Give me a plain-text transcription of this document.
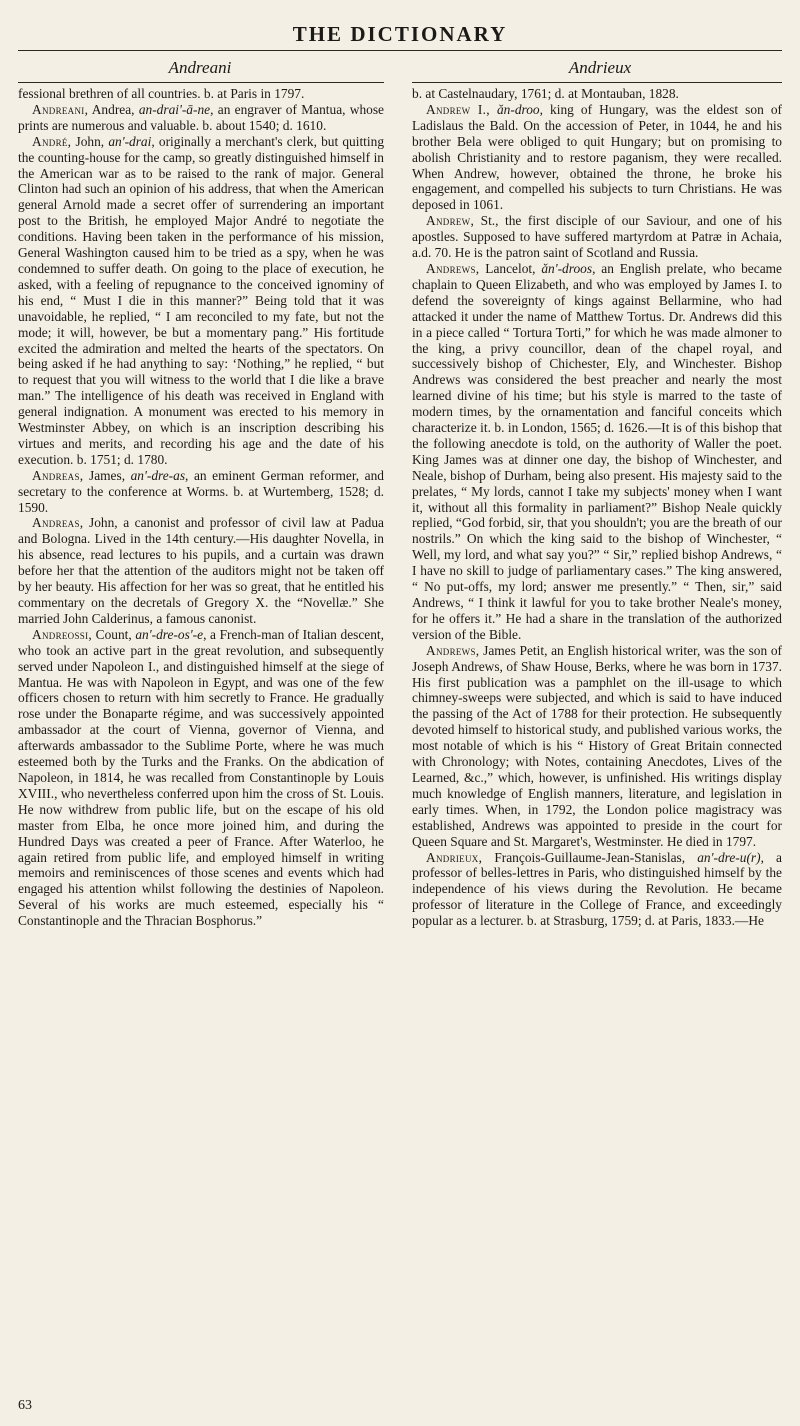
THE DICTIONARY
Andreani	Andrieux

fessional brethren of all countries. b. at Paris in 1797.

Andreani, Andrea, an-drai'-ā-ne, an engraver of Mantua, whose prints are numerous and valuable. b. about 1540; d. 1610.

André, John, an'-drai, originally a merchant's clerk, but quitting the counting-house for the camp, so greatly distinguished himself in the American war as to be raised to the rank of major. General Clinton had such an opinion of his address, that when the American general Arnold made a secret offer of surrendering an important post to the British, he employed Major André to negotiate the conditions. Having been taken in the performance of his mission, General Washington caused him to be tried as a spy, when he was condemned to suffer death. On going to the place of execution, he asked, with a feeling of repugnance to the conceived ignominy of his end, “ Must I die in this manner?” Being told that it was unavoidable, he replied, “ I am reconciled to my fate, but not the mode; it will, however, be but a momentary pang.” His fortitude excited the admiration and melted the hearts of the spectators. On being asked if he had anything to say: ‘Nothing,” he replied, “ but to request that you will witness to the world that I die like a brave man.” The intelligence of his death was received in England with general indignation. A monument was erected to his memory in Westminster Abbey, on which is an inscription describing his virtues and merits, and recording his age and the date of his execution. b. 1751; d. 1780.

Andreas, James, an'-dre-as, an eminent German reformer, and secretary to the conference at Worms. b. at Wurtemberg, 1528; d. 1590.

Andreas, John, a canonist and professor of civil law at Padua and Bologna. Lived in the 14th century.—His daughter Novella, in his absence, read lectures to his pupils, and a curtain was drawn before her that the attention of the auditors might not be taken off by her beauty. His affection for her was so great, that he entitled his commentary on the decretals of Gregory X. the “Novellæ.” She married John Calderinus, a famous canonist.

Andreossi, Count, an'-dre-os'-e, a French-man of Italian descent, who took an active part in the great revolution, and subsequently served under Napoleon I., and distinguished himself at the siege of Mantua. He was with Napoleon in Egypt, and was one of the few officers chosen to return with him secretly to France. He gradually rose under the Bonaparte régime, and was successively appointed ambassador at the court of Vienna, governor of Vienna, and afterwards ambassador to the Sublime Porte, where he was much esteemed both by the Turks and the Franks. On the abdication of Napoleon, in 1814, he was recalled from Constantinople by Louis XVIII., who nevertheless conferred upon him the cross of St. Louis. He now withdrew from public life, but on the escape of his old master from Elba, he once more joined him, and during the Hundred Days was created a peer of France. After Waterloo, he again retired from public life, and employed himself in writing memoirs and reminiscences of those scenes and events which had engaged his attention whilst following the destinies of Napoleon. Several of his works are much esteemed, especially his “ Constantinople and the Thracian Bosphorus.”

b. at Castelnaudary, 1761; d. at Montauban, 1828.

Andrew I., ăn-droo, king of Hungary, was the eldest son of Ladislaus the Bald. On the accession of Peter, in 1044, he and his brother Bela were obliged to quit Hungary; but on promising to abolish Christianity and to restore paganism, they were recalled. When Andrew, however, obtained the throne, he broke his engagement, and compelled his subjects to turn Christians. He was deposed in 1061.

Andrew, St., the first disciple of our Saviour, and one of his apostles. Supposed to have suffered martyrdom at Patræ in Achaia, a.d. 70. He is the patron saint of Scotland and Russia.

Andrews, Lancelot, ăn'-droos, an English prelate, who became chaplain to Queen Elizabeth, and who was employed by James I. to defend the sovereignty of kings against Bellarmine, who had attacked it under the name of Matthew Tortus. Dr. Andrews did this in a piece called “ Tortura Torti,” for which he was made almoner to the king, a privy councillor, dean of the chapel royal, and successively bishop of Chichester, Ely, and Winchester. Bishop Andrews was considered the best preacher and nearly the most learned divine of his time; but his style is marred to the taste of modern times, by the ornamentation and fanciful conceits which characterize it. b. in London, 1565; d. 1626.—It is of this bishop that the following anecdote is told, on the authority of Waller the poet. King James was at dinner one day, the bishop of Winchester, and Neale, bishop of Durham, being also present. His majesty said to the prelates, “ My lords, cannot I take my subjects' money when I want it, without all this formality in parliament?” Bishop Neale quickly replied, “God forbid, sir, that you shouldn't; you are the breath of our nostrils.” On which the king said to the bishop of Winchester, “ Well, my lord, and what say you?” “ Sir,” replied bishop Andrews, “ I have no skill to judge of parliamentary cases.” The king answered, “ No put-offs, my lord; answer me presently.” “ Then, sir,” said Andrews, “ I think it lawful for you to take brother Neale's money, for he offers it.” He had a share in the translation of the authorized version of the Bible.

Andrews, James Petit, an English historical writer, was the son of Joseph Andrews, of Shaw House, Berks, where he was born in 1737. His first publication was a pamphlet on the ill-usage to which chimney-sweeps were subjected, and which is said to have induced the passing of the Act of 1788 for their protection. He subsequently devoted himself to historical study, and published various works, the most notable of which is his “ History of Great Britain connected with Chronology; with Notes, containing Anecdotes, Lives of the Learned, &c.,” which, however, is unfinished. His writings display much knowledge of English manners, literature, and legislation in early times. When, in 1792, the London police magistracy was established, Andrews was appointed to preside in the court for Queen Square and St. Margaret's, Westminster. He died in 1797.

Andrieux, François-Guillaume-Jean-Stanislas, an'-dre-u(r), a professor of belles-lettres in Paris, who distinguished himself by the independence of his views during the Revolution. He became professor of literature in the College of France, and exceedingly popular as a lecturer. b. at Strasburg, 1759; d. at Paris, 1833.—He

63
